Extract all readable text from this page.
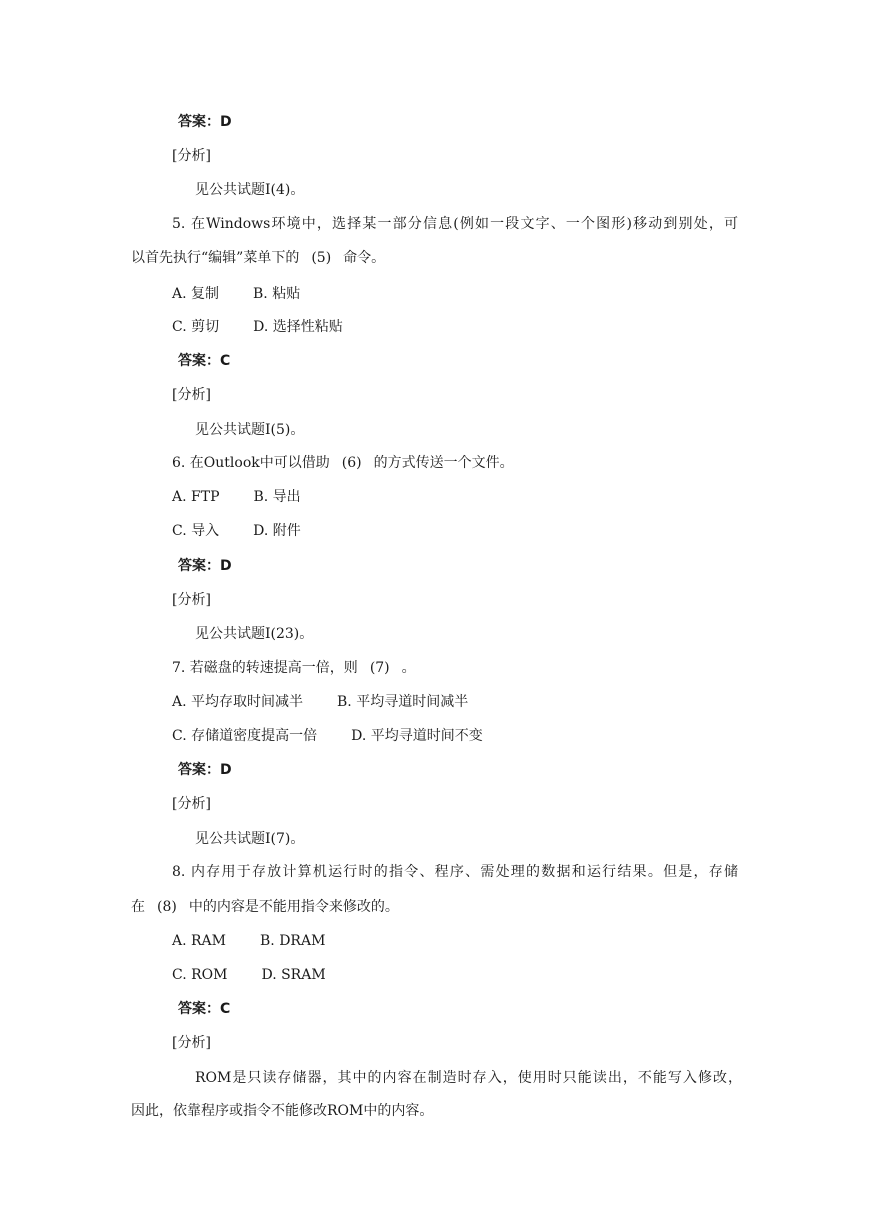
答案：D
[分析]
见公共试题Ⅰ(4)。
5. 在Windows环境中，选择某一部分信息(例如一段文字、一个图形)移动到别处，可
以首先执行“编辑”菜单下的 (5) 命令。
A. 复制 B. 粘贴
C. 剪切 D. 选择性粘贴
答案：C
[分析]
见公共试题Ⅰ(5)。
6. 在Outlook中可以借助 (6) 的方式传送一个文件。
A. FTP B. 导出
C. 导入 D. 附件
答案：D
[分析]
见公共试题Ⅰ(23)。
7. 若磁盘的转速提高一倍，则 (7) 。
A. 平均存取时间减半 B. 平均寻道时间减半
C. 存储道密度提高一倍 D. 平均寻道时间不变
答案：D
[分析]
见公共试题Ⅰ(7)。
8. 内存用于存放计算机运行时的指令、程序、需处理的数据和运行结果。但是，存储
在 (8) 中的内容是不能用指令来修改的。
A. RAM B. DRAM
C. ROM D. SRAM
答案：C
[分析]
ROM是只读存储器，其中的内容在制造时存入，使用时只能读出，不能写入修改，
因此，依靠程序或指令不能修改ROM中的内容。
